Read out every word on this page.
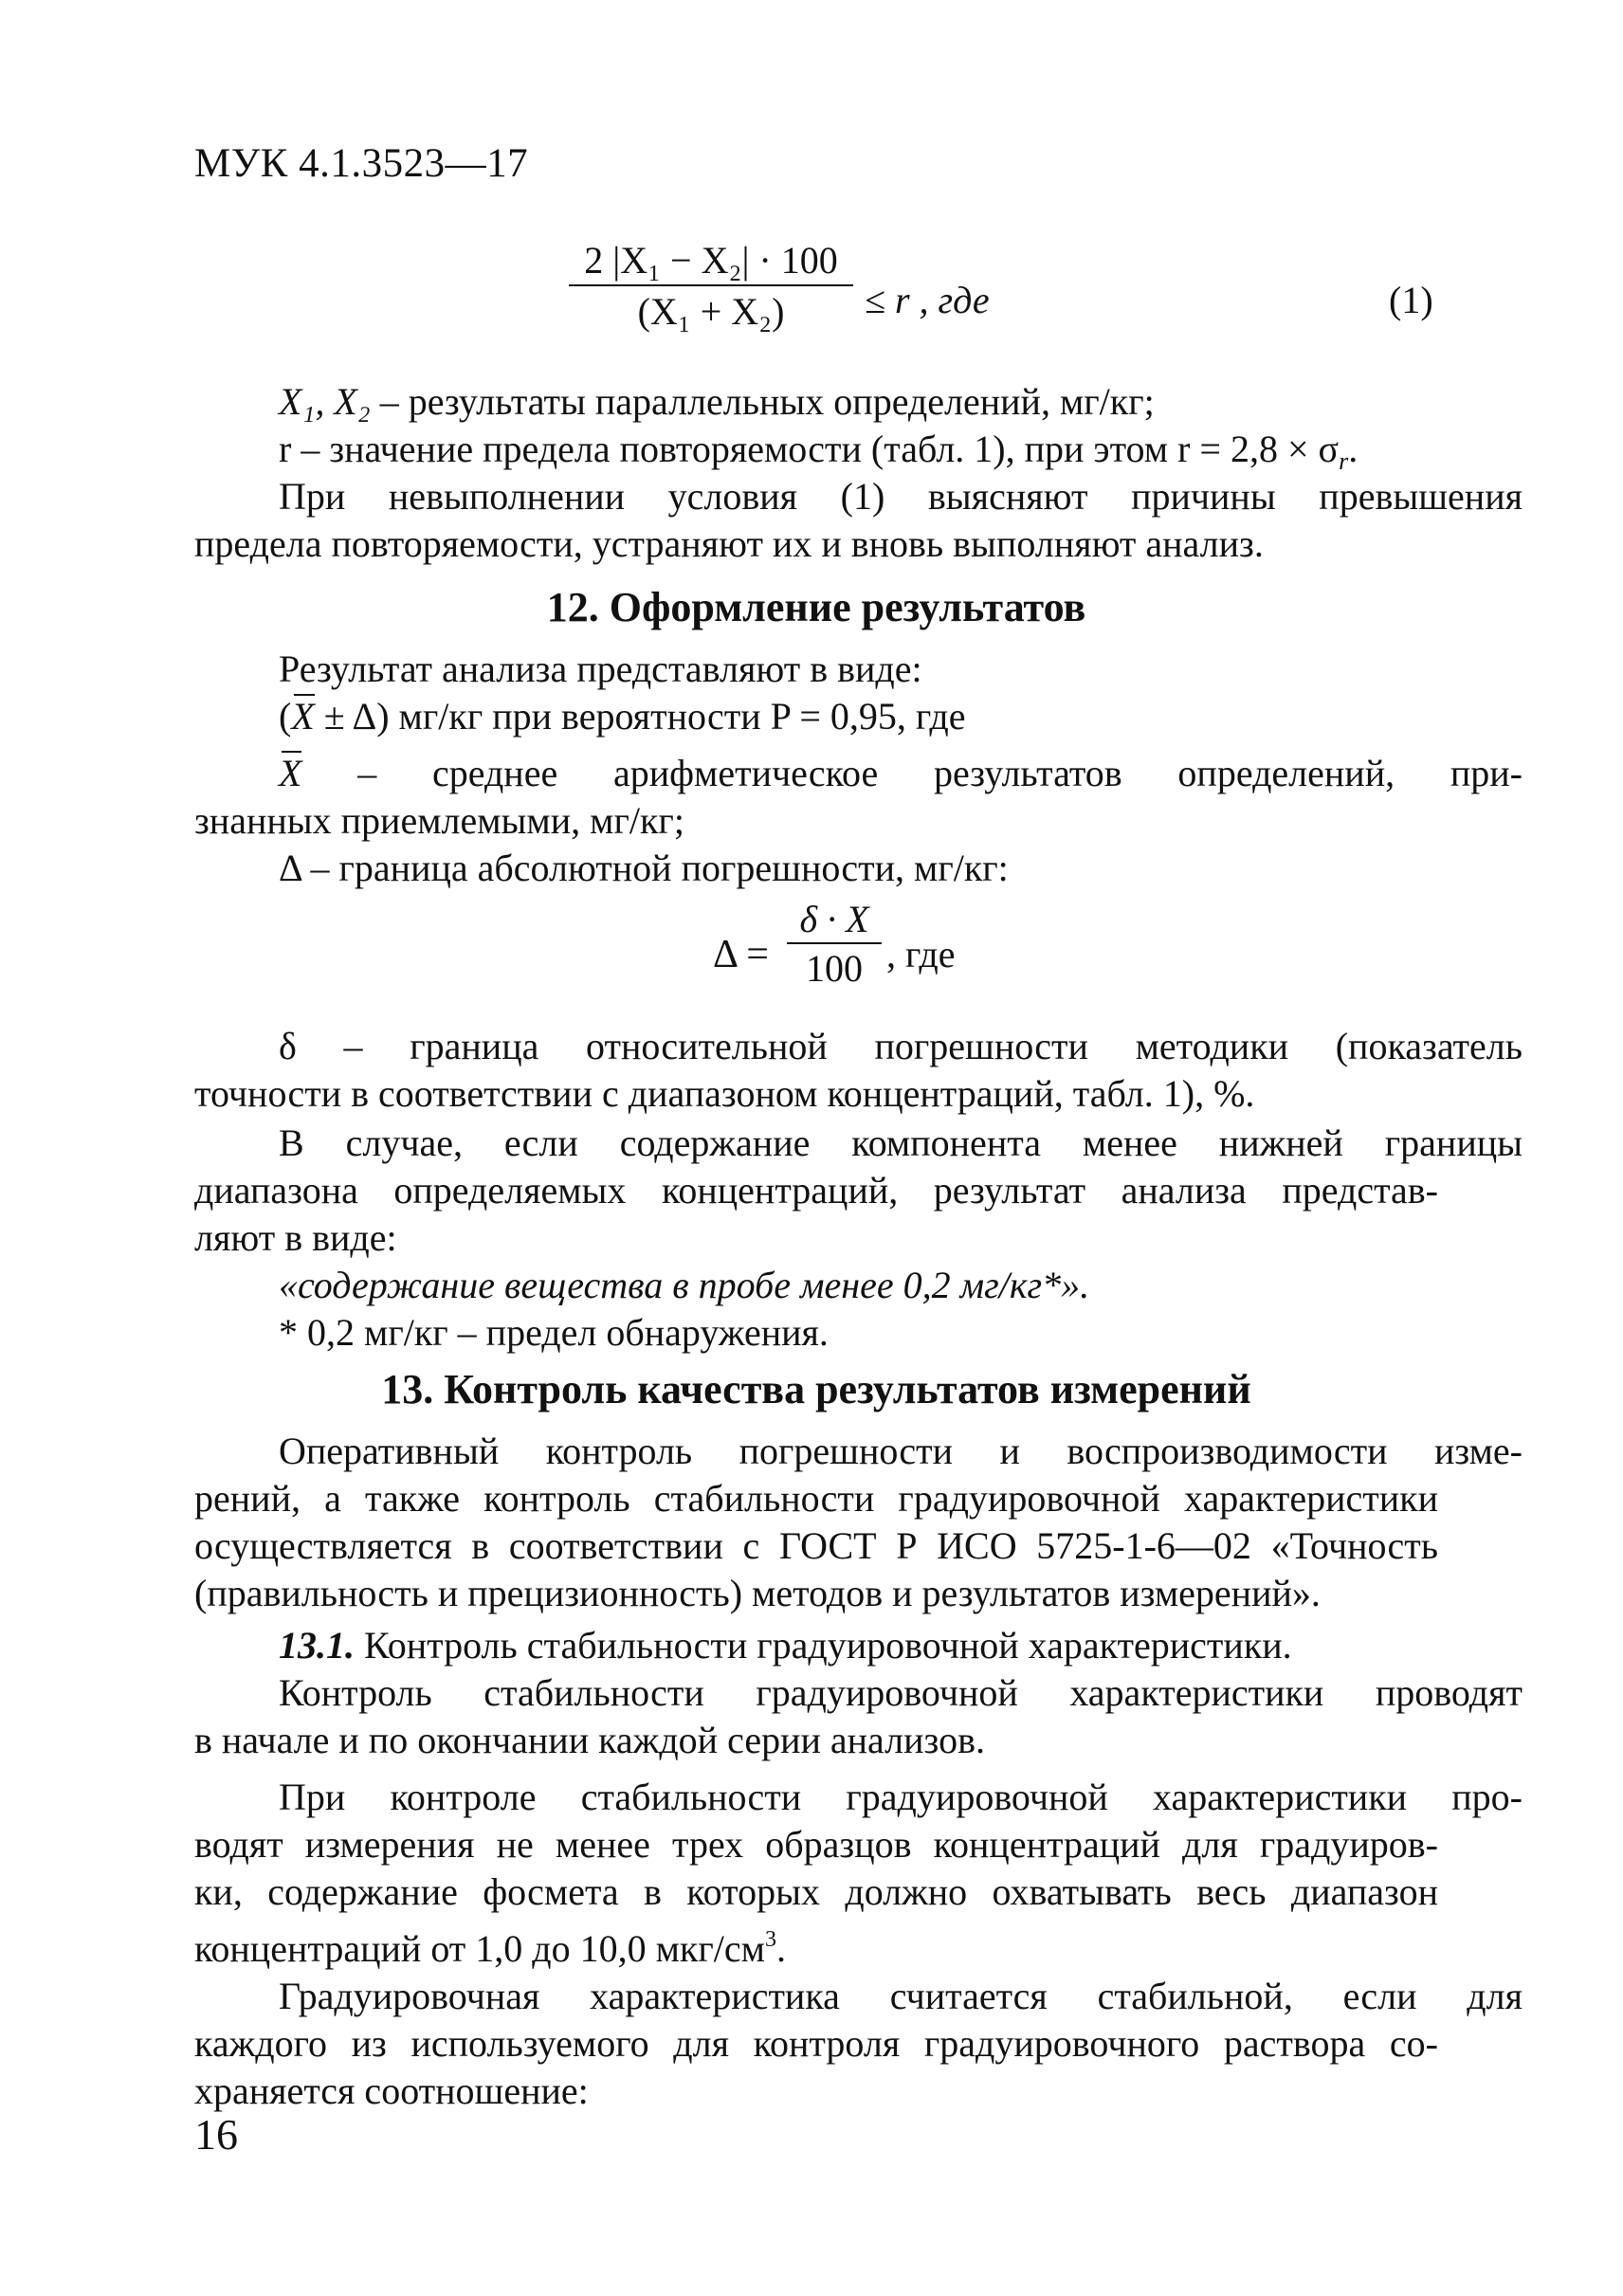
МУК 4.1.3523—17
2 |X₁ − X₂| · 100
(X₁ + X₂)	≤ r , где	(1)
X₁, X₂ – результаты параллельных определений, мг/кг;
r – значение предела повторяемости (табл. 1), при этом $r = 2,8 \times \sigma_r$.
При невыполнении условия (1) выясняют причины превышения
предела повторяемости, устраняют их и вновь выполняют анализ.
12. Оформление результатов
Результат анализа представляют в виде:
(X ± Δ) мг/кг при вероятности P = 0,95, где
X – среднее арифметическое результатов определений, при-
знанных приемлемыми, мг/кг;
Δ – граница абсолютной погрешности, мг/кг:
Δ =
δ · X
100 , где
δ – граница относительной погрешности методики (показатель
точности в соответствии с диапазоном концентраций, табл. 1), %.
В случае, если содержание компонента менее нижней границы
диапазона определяемых концентраций, результат анализа представ-
ляют в виде:
«содержание вещества в пробе менее 0,2 мг/кг*».
* 0,2 мг/кг – предел обнаружения.
13. Контроль качества результатов измерений
Оперативный контроль погрешности и воспроизводимости изме-
рений, а также контроль стабильности градуировочной характеристики
осуществляется в соответствии с ГОСТ Р ИСО 5725-1-6—02 «Точность
(правильность и прецизионность) методов и результатов измерений».
13.1. Контроль стабильности градуировочной характеристики.
Контроль стабильности градуировочной характеристики проводят
в начале и по окончании каждой серии анализов.
При контроле стабильности градуировочной характеристики про-
водят измерения не менее трех образцов концентраций для градуиров-
ки, содержание фосмета в которых должно охватывать весь диапазон
концентраций от 1,0 до 10,0 мкг/$см^3$.
Градуировочная характеристика считается стабильной, если для
каждого из используемого для контроля градуировочного раствора со-
храняется соотношение:
16
